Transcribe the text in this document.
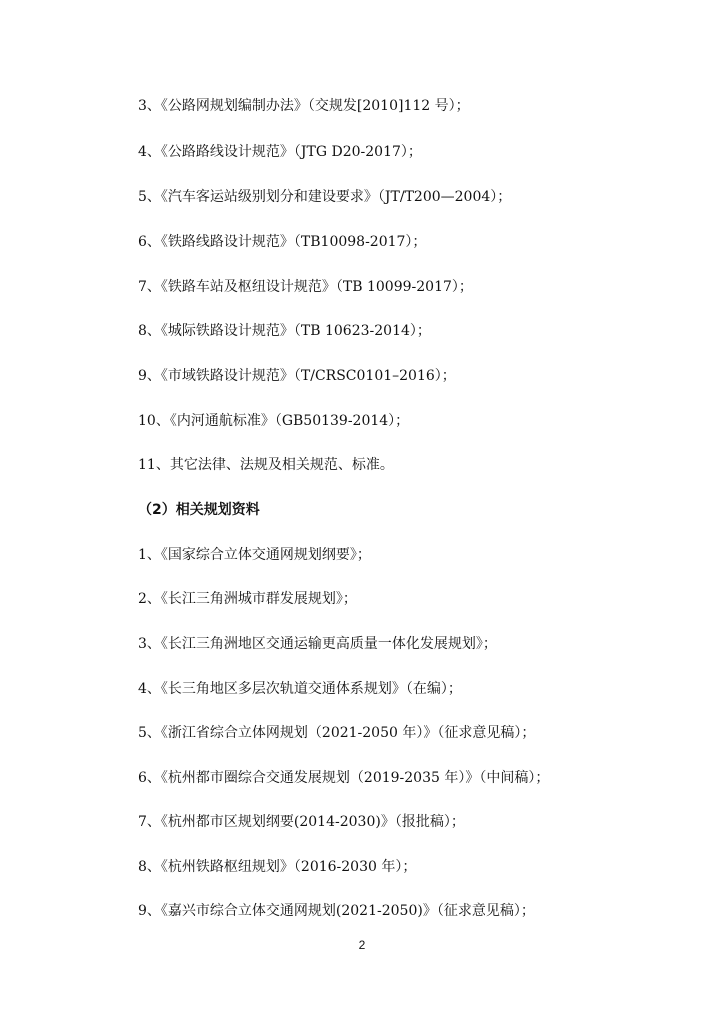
3、《公路网规划编制办法》（交规发[2010]112 号）；
4、《公路路线设计规范》（JTG D20-2017）；
5、《汽车客运站级别划分和建设要求》（JT/T200—2004）；
6、《铁路线路设计规范》（TB10098-2017）；
7、《铁路车站及枢纽设计规范》（TB 10099-2017）；
8、《城际铁路设计规范》（TB 10623-2014）；
9、《市域铁路设计规范》（T/CRSC0101–2016）；
10、《内河通航标准》（GB50139-2014）；
11、其它法律、法规及相关规范、标准。
（2）相关规划资料
1、《国家综合立体交通网规划纲要》；
2、《长江三角洲城市群发展规划》；
3、《长江三角洲地区交通运输更高质量一体化发展规划》；
4、《长三角地区多层次轨道交通体系规划》（在编）；
5、《浙江省综合立体网规划（2021-2050 年）》（征求意见稿）；
6、《杭州都市圈综合交通发展规划（2019-2035 年）》（中间稿）；
7、《杭州都市区规划纲要(2014-2030)》（报批稿）；
8、《杭州铁路枢纽规划》（2016-2030 年）；
9、《嘉兴市综合立体交通网规划(2021-2050)》（征求意见稿）；
2
